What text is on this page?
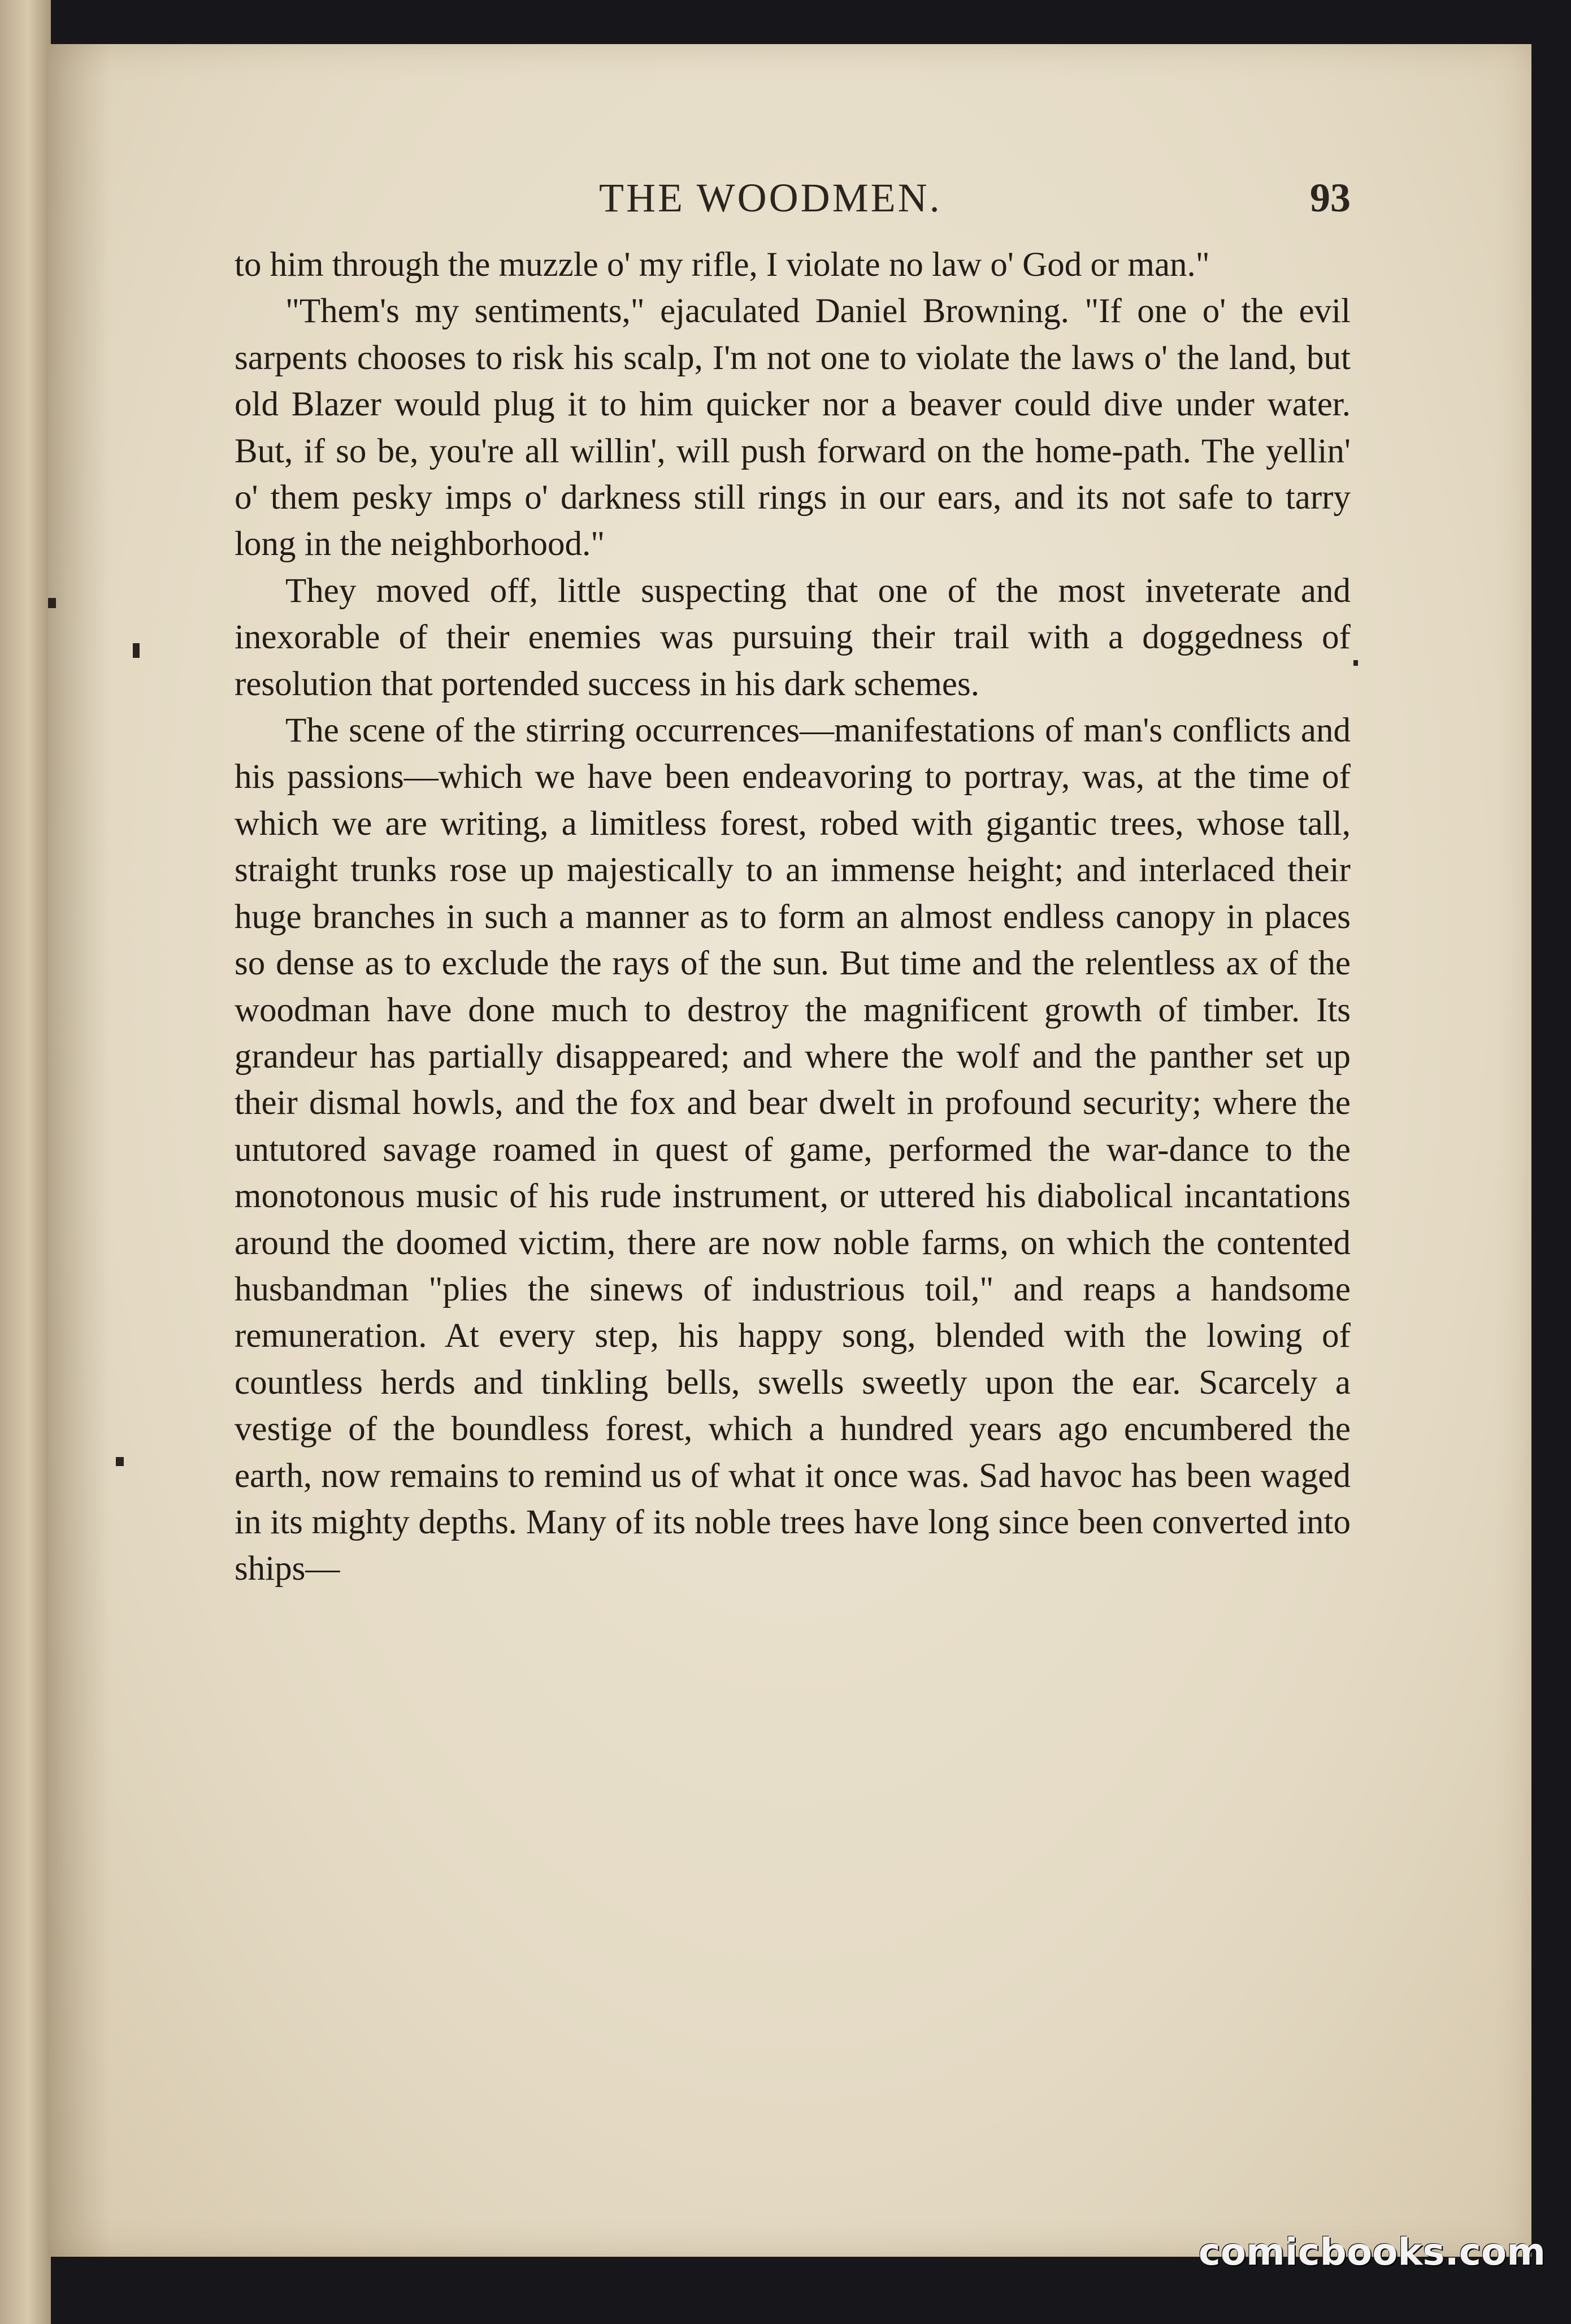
THE WOODMEN.	93

to him through the muzzle o' my rifle, I violate no law o' God or man."

"Them's my sentiments," ejaculated Daniel Browning. "If one o' the evil sarpents chooses to risk his scalp, I'm not one to violate the laws o' the land, but old Blazer would plug it to him quicker nor a beaver could dive under water. But, if so be, you're all willin', will push forward on the home-path. The yellin' o' them pesky imps o' darkness still rings in our ears, and its not safe to tarry long in the neighborhood."

They moved off, little suspecting that one of the most inveterate and inexorable of their enemies was pursuing their trail with a doggedness of resolution that portended success in his dark schemes.

The scene of the stirring occurrences—manifestations of man's conflicts and his passions—which we have been endeavoring to portray, was, at the time of which we are writing, a limitless forest, robed with gigantic trees, whose tall, straight trunks rose up majestically to an immense height; and interlaced their huge branches in such a manner as to form an almost endless canopy in places so dense as to exclude the rays of the sun. But time and the relentless ax of the woodman have done much to destroy the magnificent growth of timber. Its grandeur has partially disappeared; and where the wolf and the panther set up their dismal howls, and the fox and bear dwelt in profound security; where the untutored savage roamed in quest of game, performed the war-dance to the monotonous music of his rude instrument, or uttered his diabolical incantations around the doomed victim, there are now noble farms, on which the contented husbandman "plies the sinews of industrious toil," and reaps a handsome remuneration. At every step, his happy song, blended with the lowing of countless herds and tinkling bells, swells sweetly upon the ear. Scarcely a vestige of the boundless forest, which a hundred years ago encumbered the earth, now remains to remind us of what it once was. Sad havoc has been waged in its mighty depths. Many of its noble trees have long since been converted into ships—

comicbooks.com
